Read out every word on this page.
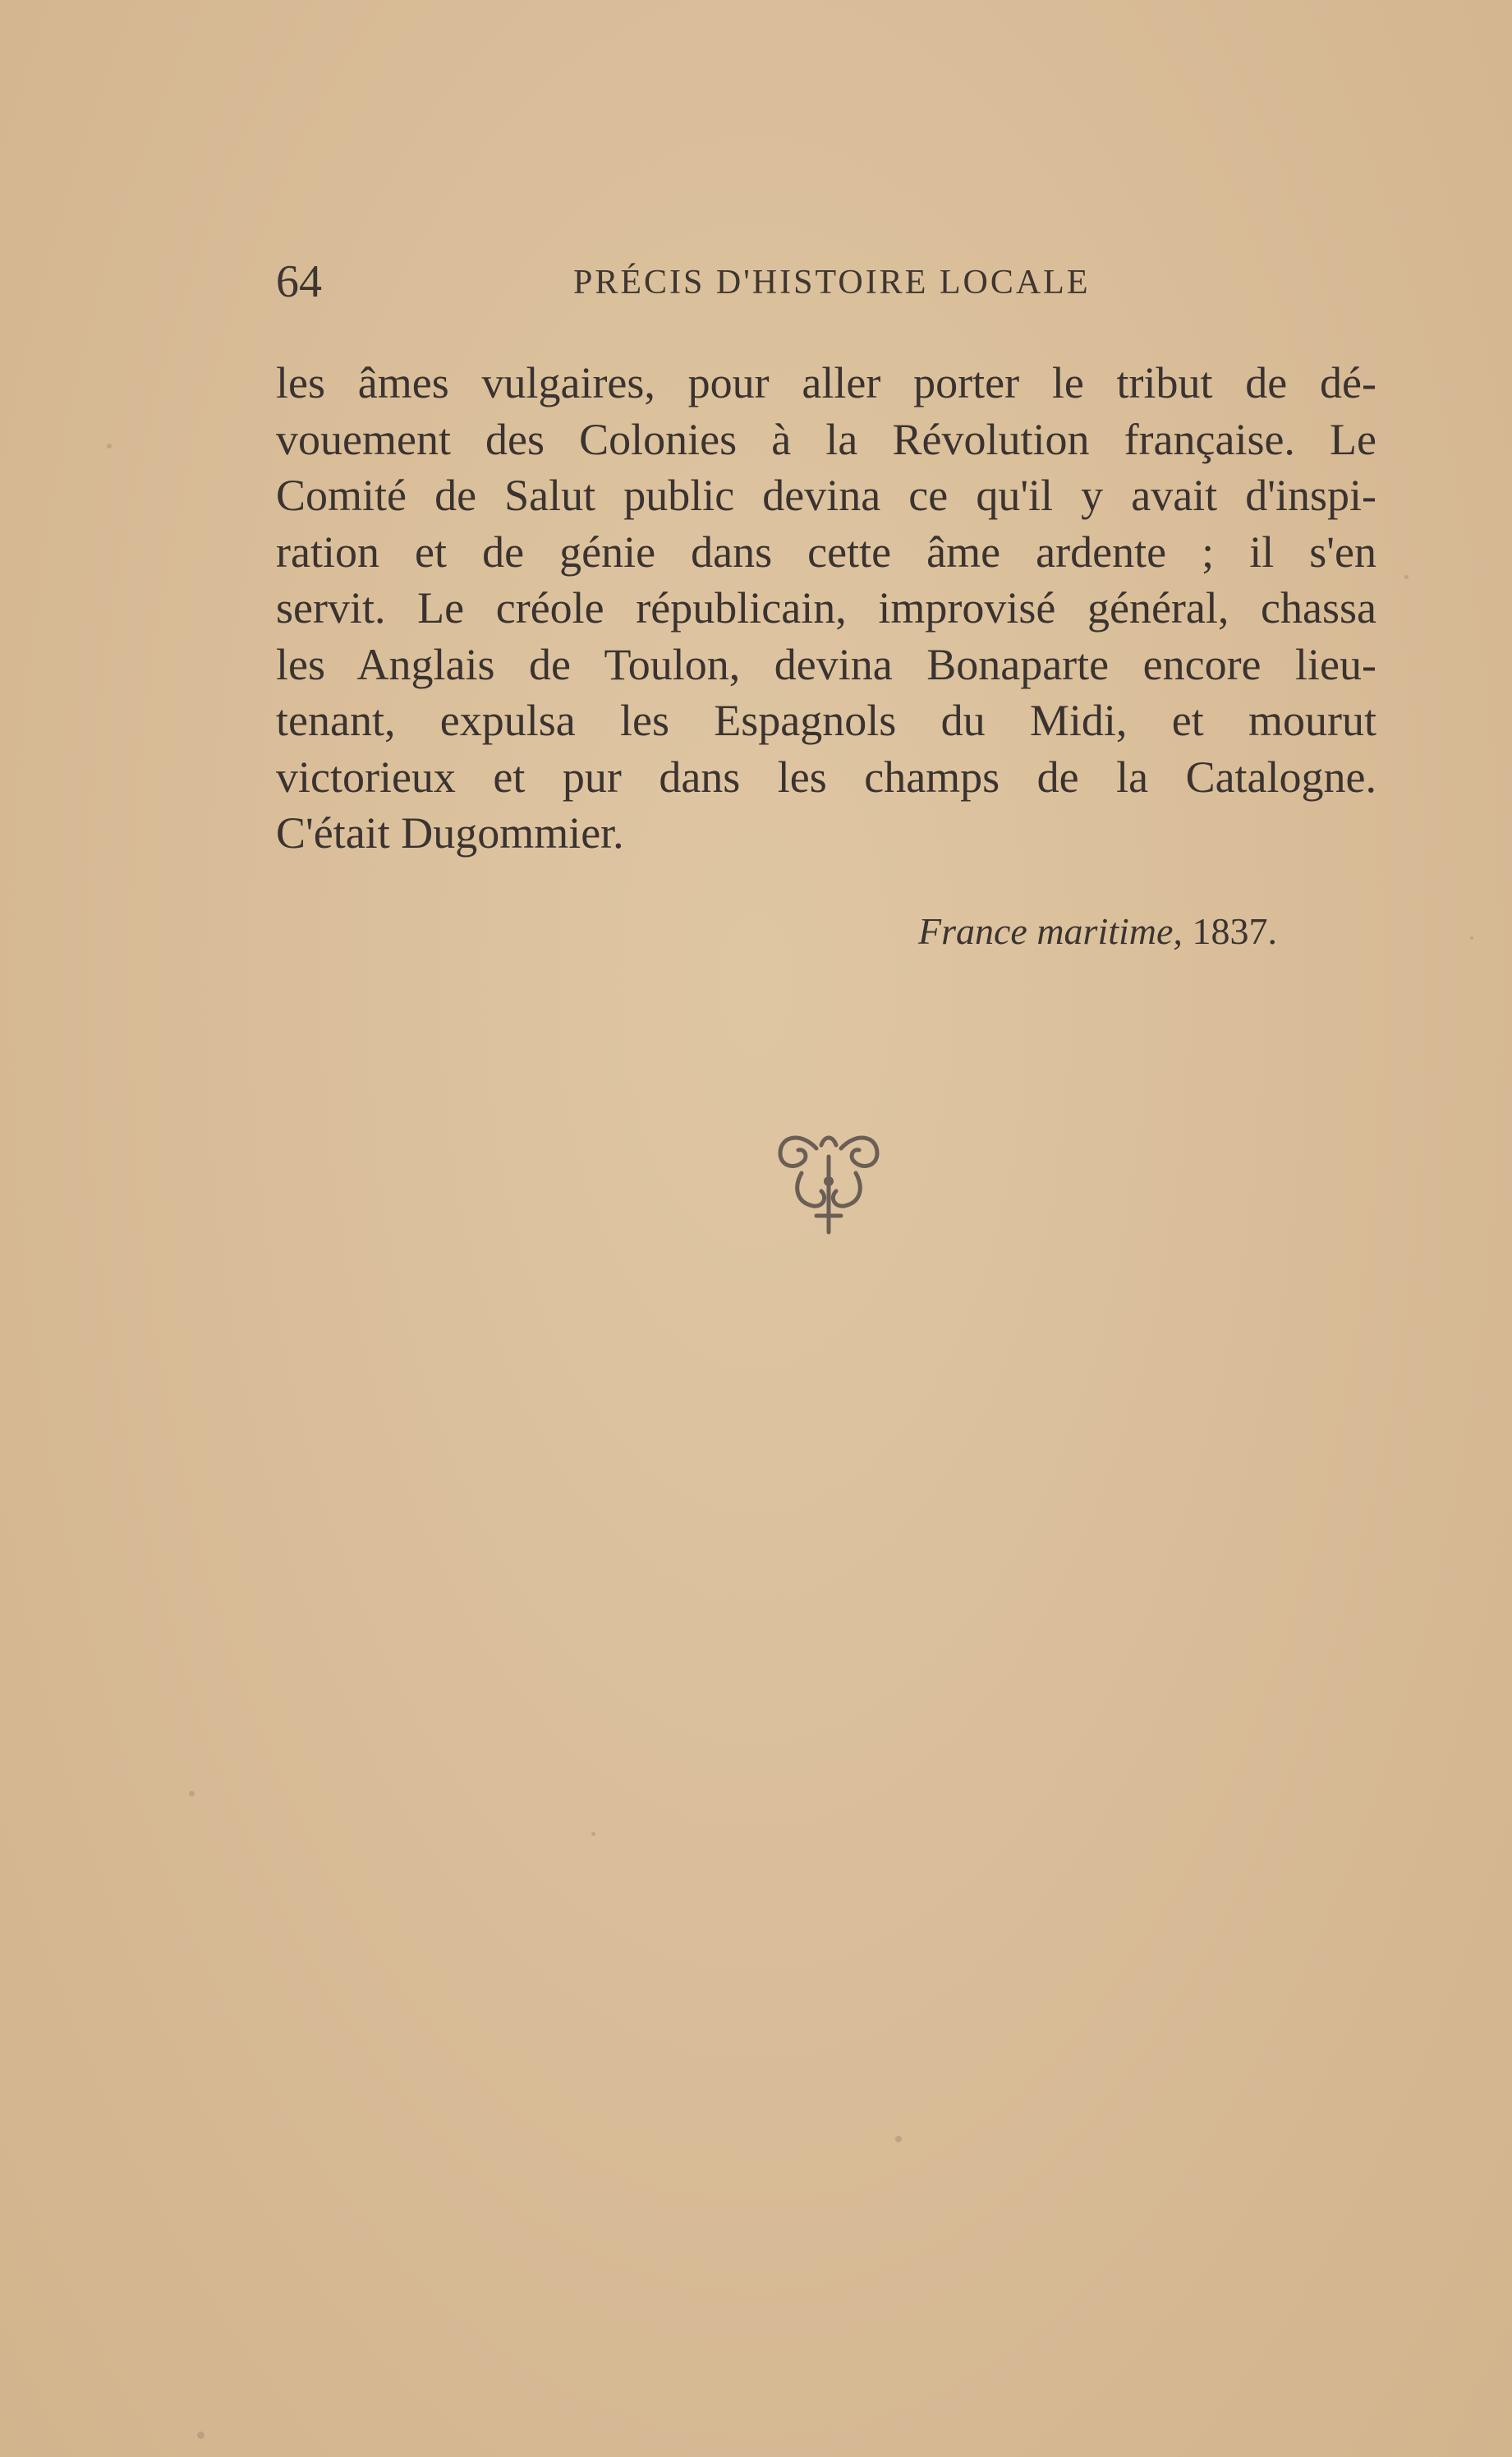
64	PRÉCIS D'HISTOIRE LOCALE
les âmes vulgaires, pour aller porter le tribut de dé-
vouement des Colonies à la Révolution française. Le
Comité de Salut public devina ce qu'il y avait d'inspi-
ration et de génie dans cette âme ardente ; il s'en
servit. Le créole républicain, improvisé général, chassa
les Anglais de Toulon, devina Bonaparte encore lieu-
tenant, expulsa les Espagnols du Midi, et mourut
victorieux et pur dans les champs de la Catalogne.
C'était Dugommier.
France maritime, 1837.
